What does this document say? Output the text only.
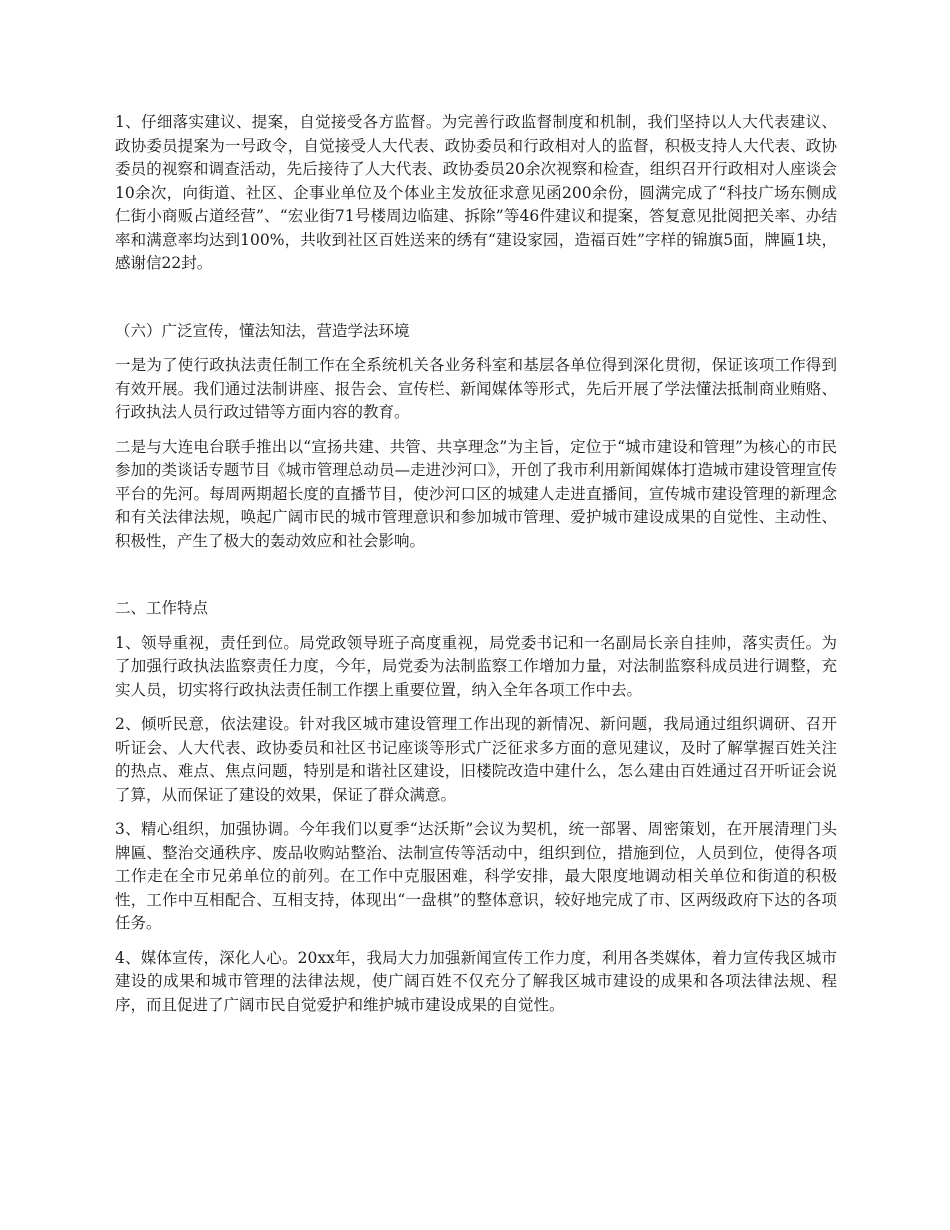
1、仔细落实建议、提案，自觉接受各方监督。为完善行政监督制度和机制，我们坚持以人大代表建议、政协委员提案为一号政令，自觉接受人大代表、政协委员和行政相对人的监督，积极支持人大代表、政协委员的视察和调查活动，先后接待了人大代表、政协委员20余次视察和检查，组织召开行政相对人座谈会10余次，向街道、社区、企事业单位及个体业主发放征求意见函200余份，圆满完成了“科技广场东侧成仁街小商贩占道经营”、“宏业街71号楼周边临建、拆除”等46件建议和提案，答复意见批阅把关率、办结率和满意率均达到100%，共收到社区百姓送来的绣有“建设家园，造福百姓”字样的锦旗5面，牌匾1块，感谢信22封。

（六）广泛宣传，懂法知法，营造学法环境

一是为了使行政执法责任制工作在全系统机关各业务科室和基层各单位得到深化贯彻，保证该项工作得到有效开展。我们通过法制讲座、报告会、宣传栏、新闻媒体等形式，先后开展了学法懂法抵制商业贿赂、行政执法人员行政过错等方面内容的教育。

二是与大连电台联手推出以“宣扬共建、共管、共享理念”为主旨，定位于“城市建设和管理”为核心的市民参加的类谈话专题节目《城市管理总动员—走进沙河口》，开创了我市利用新闻媒体打造城市建设管理宣传平台的先河。每周两期超长度的直播节目，使沙河口区的城建人走进直播间，宣传城市建设管理的新理念和有关法律法规，唤起广阔市民的城市管理意识和参加城市管理、爱护城市建设成果的自觉性、主动性、积极性，产生了极大的轰动效应和社会影响。

二、工作特点

1、领导重视，责任到位。局党政领导班子高度重视，局党委书记和一名副局长亲自挂帅，落实责任。为了加强行政执法监察责任力度，今年，局党委为法制监察工作增加力量，对法制监察科成员进行调整，充实人员，切实将行政执法责任制工作摆上重要位置，纳入全年各项工作中去。

2、倾听民意，依法建设。针对我区城市建设管理工作出现的新情况、新问题，我局通过组织调研、召开听证会、人大代表、政协委员和社区书记座谈等形式广泛征求多方面的意见建议，及时了解掌握百姓关注的热点、难点、焦点问题，特别是和谐社区建设，旧楼院改造中建什么，怎么建由百姓通过召开听证会说了算，从而保证了建设的效果，保证了群众满意。

3、精心组织，加强协调。今年我们以夏季“达沃斯”会议为契机，统一部署、周密策划，在开展清理门头牌匾、整治交通秩序、废品收购站整治、法制宣传等活动中，组织到位，措施到位，人员到位，使得各项工作走在全市兄弟单位的前列。在工作中克服困难，科学安排，最大限度地调动相关单位和街道的积极性，工作中互相配合、互相支持，体现出“一盘棋”的整体意识，较好地完成了市、区两级政府下达的各项任务。

4、媒体宣传，深化人心。20xx年，我局大力加强新闻宣传工作力度，利用各类媒体，着力宣传我区城市建设的成果和城市管理的法律法规，使广阔百姓不仅充分了解我区城市建设的成果和各项法律法规、程序，而且促进了广阔市民自觉爱护和维护城市建设成果的自觉性。
